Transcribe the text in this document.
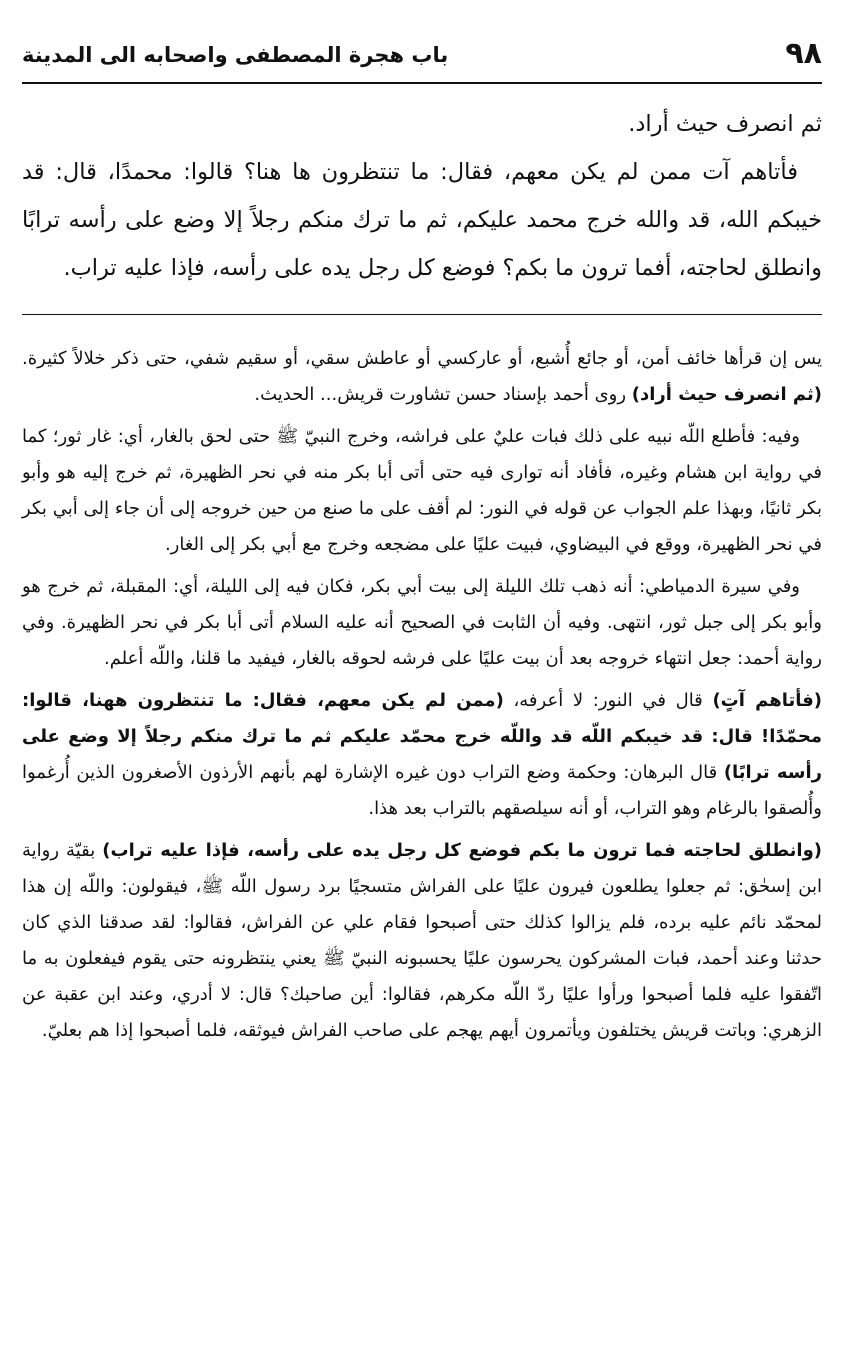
٩٨
باب هجرة المصطفى واصحابه الى المدينة

ثم انصرف حيث أراد.

فأتاهم آت ممن لم يكن معهم، فقال: ما تنتظرون ها هنا؟ قالوا: محمدًا، قال: قد خيبكم الله، قد والله خرج محمد عليكم، ثم ما ترك منكم رجلاً إلا وضع على رأسه ترابًا وانطلق لحاجته، أفما ترون ما بكم؟ فوضع كل رجل يده على رأسه، فإذا عليه تراب.

يس إن قرأها خائف أمن، أو جائع أُشبع، أو عاركسي أو عاطش سقي، أو سقيم شفي، حتى ذكر خلالاً كثيرة. (ثم انصرف حيث أراد) روى أحمد بإسناد حسن تشاورت قريش... الحديث.

وفيه: فأطلع اللّه نبيه على ذلك فبات عليٌ على فراشه، وخرج النبيّ ﷺ حتى لحق بالغار، أي: غار ثور؛ كما في رواية ابن هشام وغيره، فأفاد أنه توارى فيه حتى أتى أبا بكر منه في نحر الظهيرة، ثم خرج إليه هو وأبو بكر ثانيًا، وبهذا علم الجواب عن قوله في النور: لم أقف على ما صنع من حين خروجه إلى أن جاء إلى أبي بكر في نحر الظهيرة، ووقع في البيضاوي، فبيت عليًا على مضجعه وخرج مع أبي بكر إلى الغار.

وفي سيرة الدمياطي: أنه ذهب تلك الليلة إلى بيت أبي بكر، فكان فيه إلى الليلة، أي: المقبلة، ثم خرج هو وأبو بكر إلى جبل ثور، انتهى. وفيه أن الثابت في الصحيح أنه عليه السلام أتى أبا بكر في نحر الظهيرة. وفي رواية أحمد: جعل انتهاء خروجه بعد أن بيت عليًا على فرشه لحوقه بالغار، فيفيد ما قلنا، واللّه أعلم.

(فأتاهم آتٍ) قال في النور: لا أعرفه، (ممن لم يكن معهم، فقال: ما تنتظرون ههنا، قالوا: محمّدًا! قال: قد خيبكم اللّه قد واللّه خرج محمّد عليكم ثم ما ترك منكم رجلاً إلا وضع على رأسه ترابًا) قال البرهان: وحكمة وضع التراب دون غيره الإشارة لهم بأنهم الأرذون الأصغرون الذين أُرغموا وأُلصقوا بالرغام وهو التراب، أو أنه سيلصقهم بالتراب بعد هذا.

(وانطلق لحاجته فما ترون ما بكم فوضع كل رجل يده على رأسه، فإذا عليه تراب) بقيّة رواية ابن إسحٰق: ثم جعلوا يطلعون فيرون عليًا على الفراش متسجيًا برد رسول اللّه ﷺ، فيقولون: واللّه إن هذا لمحمّد نائم عليه برده، فلم يزالوا كذلك حتى أصبحوا فقام علي عن الفراش، فقالوا: لقد صدقنا الذي كان حدثنا وعند أحمد، فبات المشركون يحرسون عليًا يحسبونه النبيّ ﷺ يعني ينتظرونه حتى يقوم فيفعلون به ما اتّفقوا عليه فلما أصبحوا ورأوا عليًا ردّ اللّه مكرهم، فقالوا: أين صاحبك؟ قال: لا أدري، وعند ابن عقبة عن الزهري: وباتت قريش يختلفون ويأتمرون أيهم يهجم على صاحب الفراش فيوثقه، فلما أصبحوا إذا هم بعليّ.
